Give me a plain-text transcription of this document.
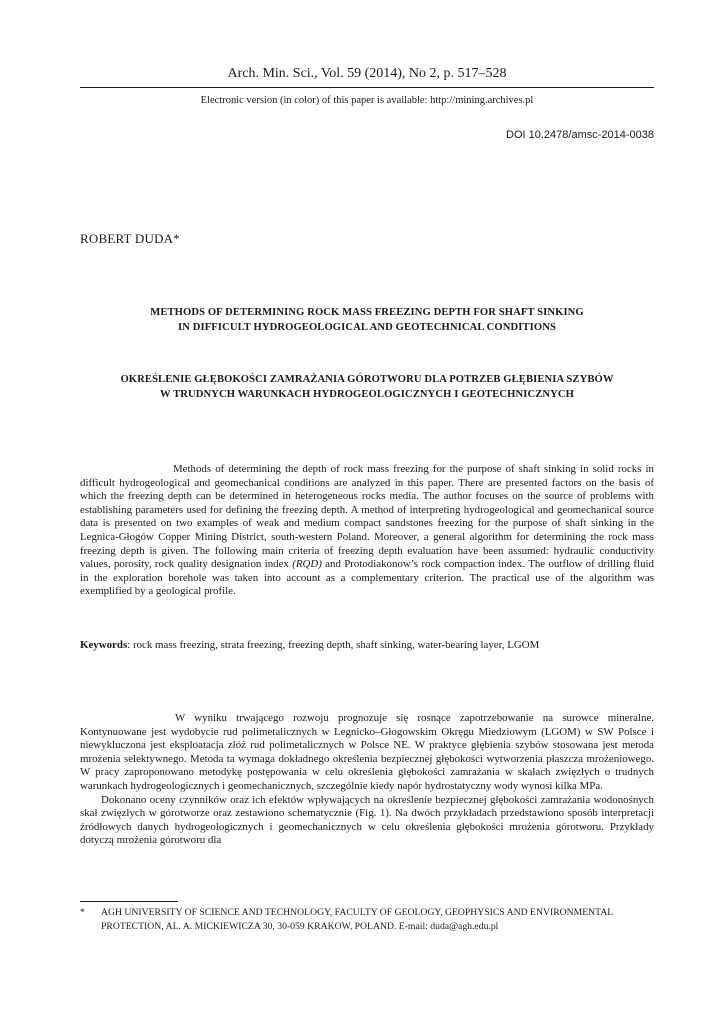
Arch. Min. Sci., Vol. 59 (2014), No 2, p. 517–528
Electronic version (in color) of this paper is available: http://mining.archives.pl
DOI 10.2478/amsc-2014-0038
ROBERT DUDA*
METHODS OF DETERMINING ROCK MASS FREEZING DEPTH FOR SHAFT SINKING
IN DIFFICULT HYDROGEOLOGICAL AND GEOTECHNICAL CONDITIONS
OKREŚLENIE GŁĘBOKOŚCI ZAMRAŻANIA GÓROTWORU DLA POTRZEB GŁĘBIENIA SZYBÓW
W TRUDNYCH WARUNKACH HYDROGEOLOGICZNYCH I GEOTECHNICZNYCH

Methods of determining the depth of rock mass freezing for the purpose of shaft sinking in solid rocks in difficult hydrogeological and geomechanical conditions are analyzed in this paper. There are presented factors on the basis of which the freezing depth can be determined in heterogeneous rocks media. The author focuses on the source of problems with establishing parameters used for defining the freezing depth. A method of interpreting hydrogeological and geomechanical source data is presented on two examples of weak and medium compact sandstones freezing for the purpose of shaft sinking in the Legnica-Głogów Copper Mining District, south-western Poland. Moreover, a general algorithm for determining the rock mass freezing depth is given. The following main criteria of freezing depth evaluation have been assumed: hydraulic conductivity values, porosity, rock quality designation index (RQD) and Protodiakonow’s rock compaction index. The outflow of drilling fluid in the exploration borehole was taken into account as a complementary criterion. The practical use of the algorithm was exemplified by a geological profile.

Keywords: rock mass freezing, strata freezing, freezing depth, shaft sinking, water-bearing layer, LGOM

W wyniku trwającego rozwoju prognozuje się rosnące zapotrzebowanie na surowce mineralne. Kontynuowane jest wydobycie rud polimetalicznych w Legnicko–Głogowskim Okręgu Miedziowym (LGOM) w SW Polsce i niewykluczona jest eksploatacja złóż rud polimetalicznych w Polsce NE. W praktyce głębienia szybów stosowana jest metoda mrożenia selektywnego. Metoda ta wymaga dokładnego określenia bezpiecznej głębokości wytworzenia płaszcza mrożeniowego. W pracy zaproponowano metodykę postępowania w celu określenia głębokości zamrażania w skałach zwięzłych o trudnych warunkach hydrogeologicznych i geomechanicznych, szczególnie kiedy napór hydrostatyczny wody wynosi kilka MPa.

Dokonano oceny czynników oraz ich efektów wpływających na określenie bezpiecznej głębokości zamrażania wodonośnych skał zwięzłych w górotworze oraz zestawiono schematycznie (Fig. 1). Na dwóch przykładach przedstawiono sposób interpretacji źródłowych danych hydrogeologicznych i geomechanicznych w celu określenia głębokości mrożenia górotworu. Przykłady dotyczą mrożenia górotworu dla

* AGH UNIVERSITY OF SCIENCE AND TECHNOLOGY, FACULTY OF GEOLOGY, GEOPHYSICS AND ENVIRONMENTAL PROTECTION, AL. A. MICKIEWICZA 30, 30-059 KRAKOW, POLAND. E-mail: duda@agh.edu.pl
